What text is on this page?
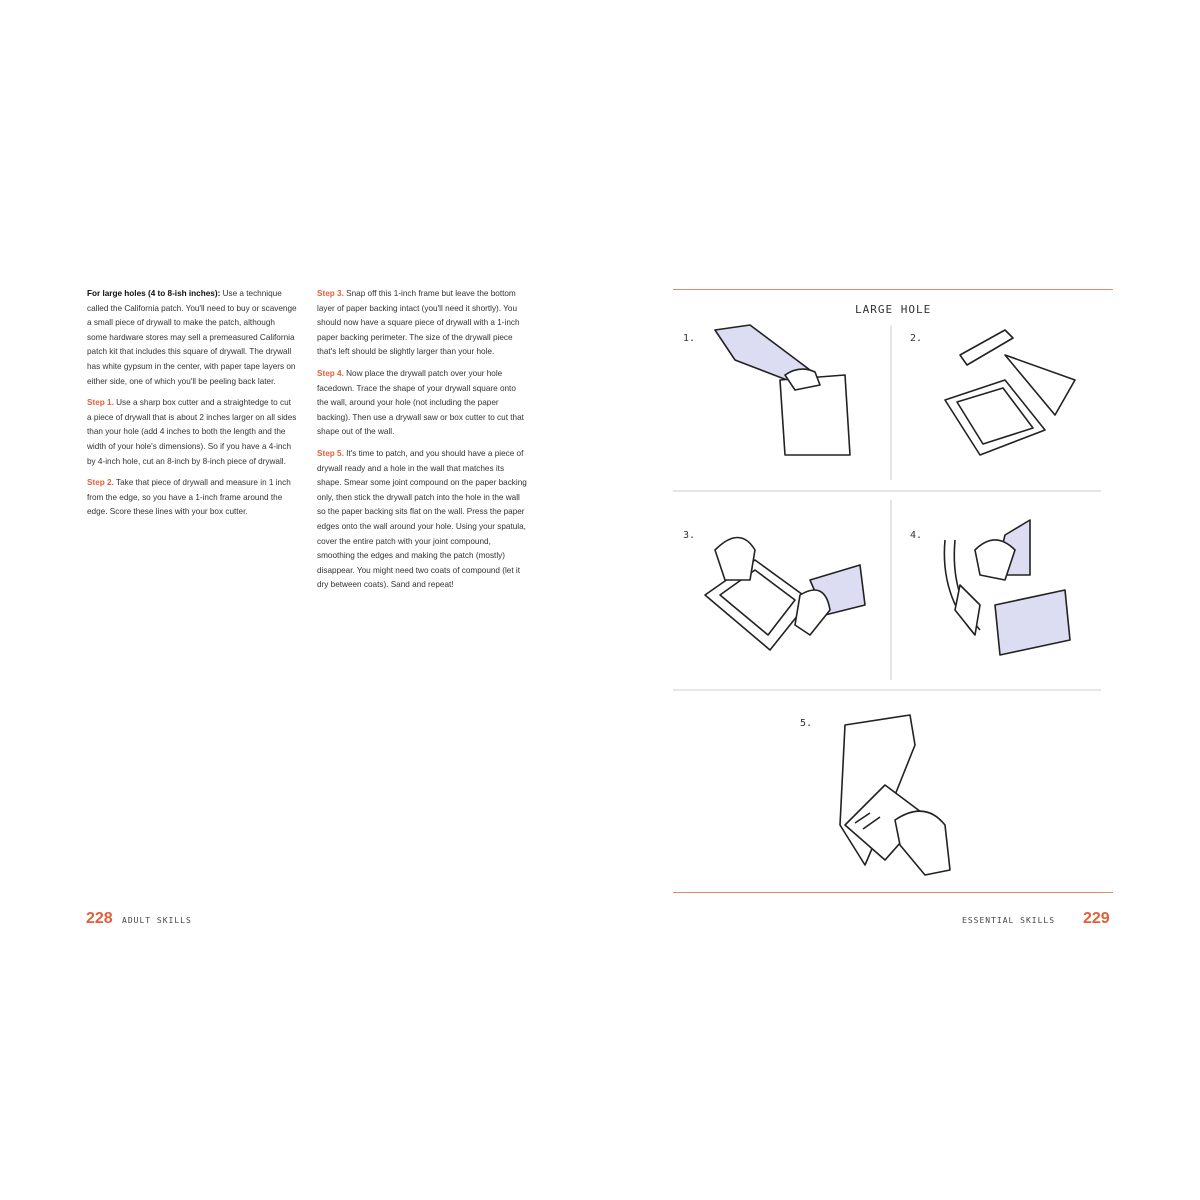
For large holes (4 to 8-ish inches): Use a technique called the California patch. You'll need to buy or scavenge a small piece of drywall to make the patch, although some hardware stores may sell a premeasured California patch kit that includes this square of drywall. The drywall has white gypsum in the center, with paper tape layers on either side, one of which you'll be peeling back later.

Step 1. Use a sharp box cutter and a straightedge to cut a piece of drywall that is about 2 inches larger on all sides than your hole (add 4 inches to both the length and the width of your hole's dimensions). So if you have a 4-inch by 4-inch hole, cut an 8-inch by 8-inch piece of drywall.

Step 2. Take that piece of drywall and measure in 1 inch from the edge, so you have a 1-inch frame around the edge. Score these lines with your box cutter.

Step 3. Snap off this 1-inch frame but leave the bottom layer of paper backing intact (you'll need it shortly). You should now have a square piece of drywall with a 1-inch paper backing perimeter. The size of the drywall piece that's left should be slightly larger than your hole.

Step 4. Now place the drywall patch over your hole facedown. Trace the shape of your drywall square onto the wall, around your hole (not including the paper backing). Then use a drywall saw or box cutter to cut that shape out of the wall.

Step 5. It's time to patch, and you should have a piece of drywall ready and a hole in the wall that matches its shape. Smear some joint compound on the paper backing only, then stick the drywall patch into the hole in the wall so the paper backing sits flat on the wall. Press the paper edges onto the wall around your hole. Using your spatula, cover the entire patch with your joint compound, smoothing the edges and making the patch (mostly) disappear. You might need two coats of compound (let it dry between coats). Sand and repeat!

228 ADULT SKILLS
LARGE HOLE
1.	2.
3.	4.
5.
ESSENTIAL SKILLS 229
